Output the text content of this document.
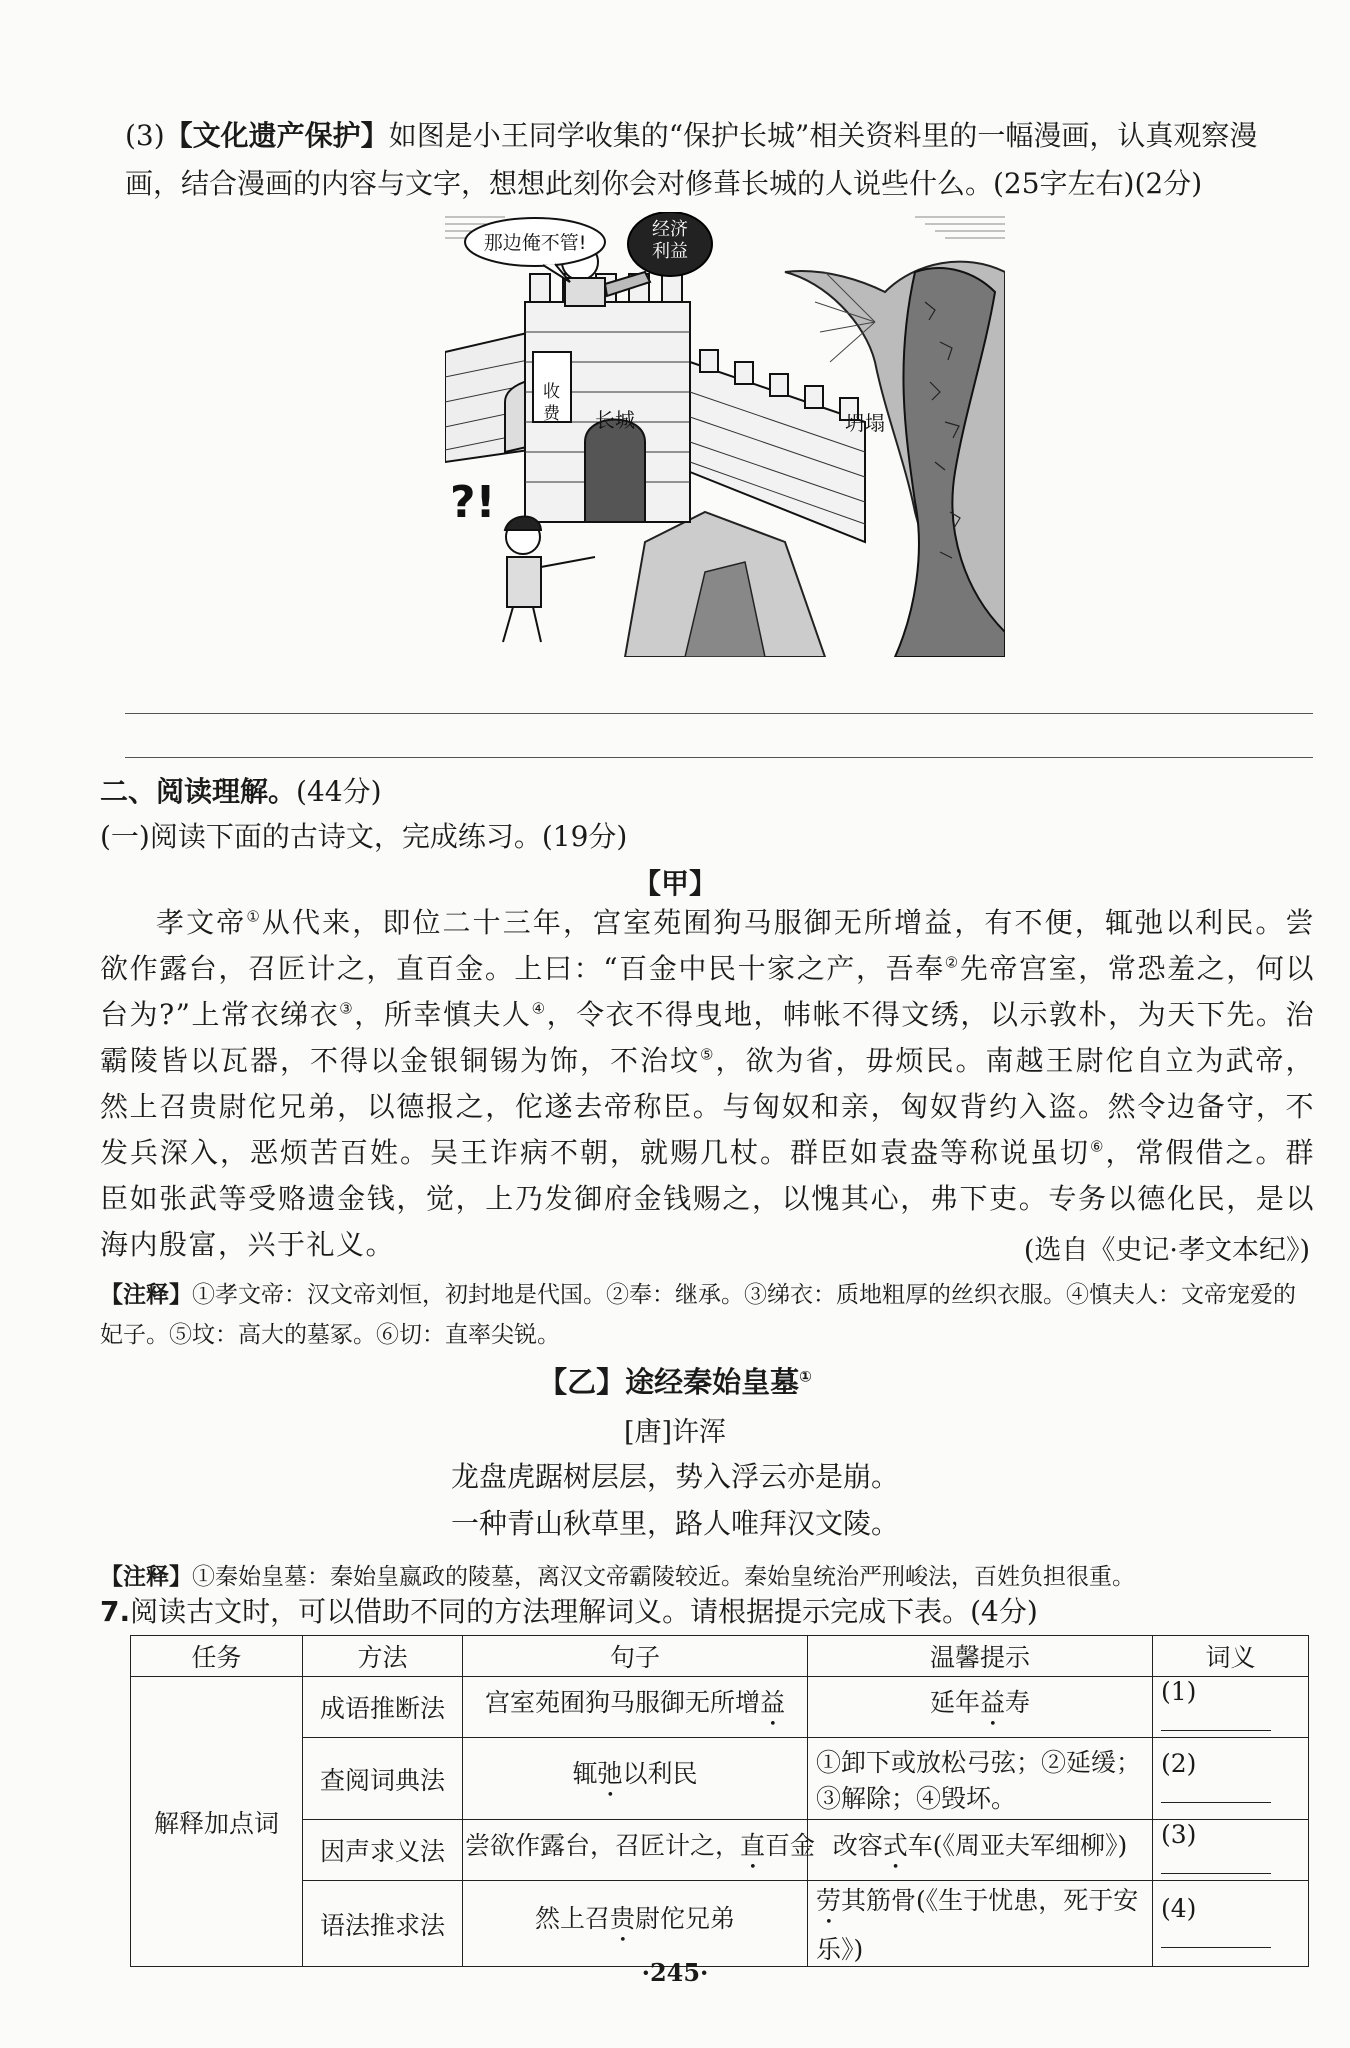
(3)【文化遗产保护】如图是小王同学收集的“保护长城”相关资料里的一幅漫画，认真观察漫画，结合漫画的内容与文字，想想此刻你会对修葺长城的人说些什么。(25字左右)(2分)
经济利益
那边俺不管!
长城
收费	坍塌
?!
二、阅读理解。(44分)
(一)阅读下面的古诗文，完成练习。(19分)
【甲】

孝文帝①从代来，即位二十三年，宫室苑囿狗马服御无所增益，有不便，辄弛以利民。尝欲作露台，召匠计之，直百金。上曰：“百金中民十家之产，吾奉②先帝宫室，常恐羞之，何以台为?”上常衣绨衣③，所幸慎夫人④，令衣不得曳地，帏帐不得文绣，以示敦朴，为天下先。治霸陵皆以瓦器，不得以金银铜锡为饰，不治坟⑤，欲为省，毋烦民。南越王尉佗自立为武帝，然上召贵尉佗兄弟，以德报之，佗遂去帝称臣。与匈奴和亲，匈奴背约入盗。然令边备守，不发兵深入，恶烦苦百姓。吴王诈病不朝，就赐几杖。群臣如袁盎等称说虽切⑥，常假借之。群臣如张武等受赂遗金钱，觉，上乃发御府金钱赐之，以愧其心，弗下吏。专务以德化民，是以海内殷富，兴于礼义。	(选自《史记·孝文本纪》)
【注释】①孝文帝：汉文帝刘恒，初封地是代国。②奉：继承。③绨衣：质地粗厚的丝织衣服。④慎夫人：文帝宠爱的妃子。⑤坟：高大的墓冢。⑥切：直率尖锐。
【乙】途经秦始皇墓①
[唐]许浑
龙盘虎踞树层层，势入浮云亦是崩。
一种青山秋草里，路人唯拜汉文陵。
【注释】①秦始皇墓：秦始皇嬴政的陵墓，离汉文帝霸陵较近。秦始皇统治严刑峻法，百姓负担很重。
7.阅读古文时，可以借助不同的方法理解词义。请根据提示完成下表。(4分)
任务	方法	句子	温馨提示	词义
解释加点词	成语推断法	宫室苑囿狗马服御无所增益	延年益寿	(1)
	查阅词典法	辄弛以利民	①卸下或放松弓弦；②延缓；③解除；④毁坏。	(2)
	因声求义法	尝欲作露台，召匠计之，直百金	改容式车(《周亚夫军细柳》)	(3)
	语法推求法	然上召贵尉佗兄弟	劳其筋骨(《生于忧患，死于安乐》)	(4)
·245·
